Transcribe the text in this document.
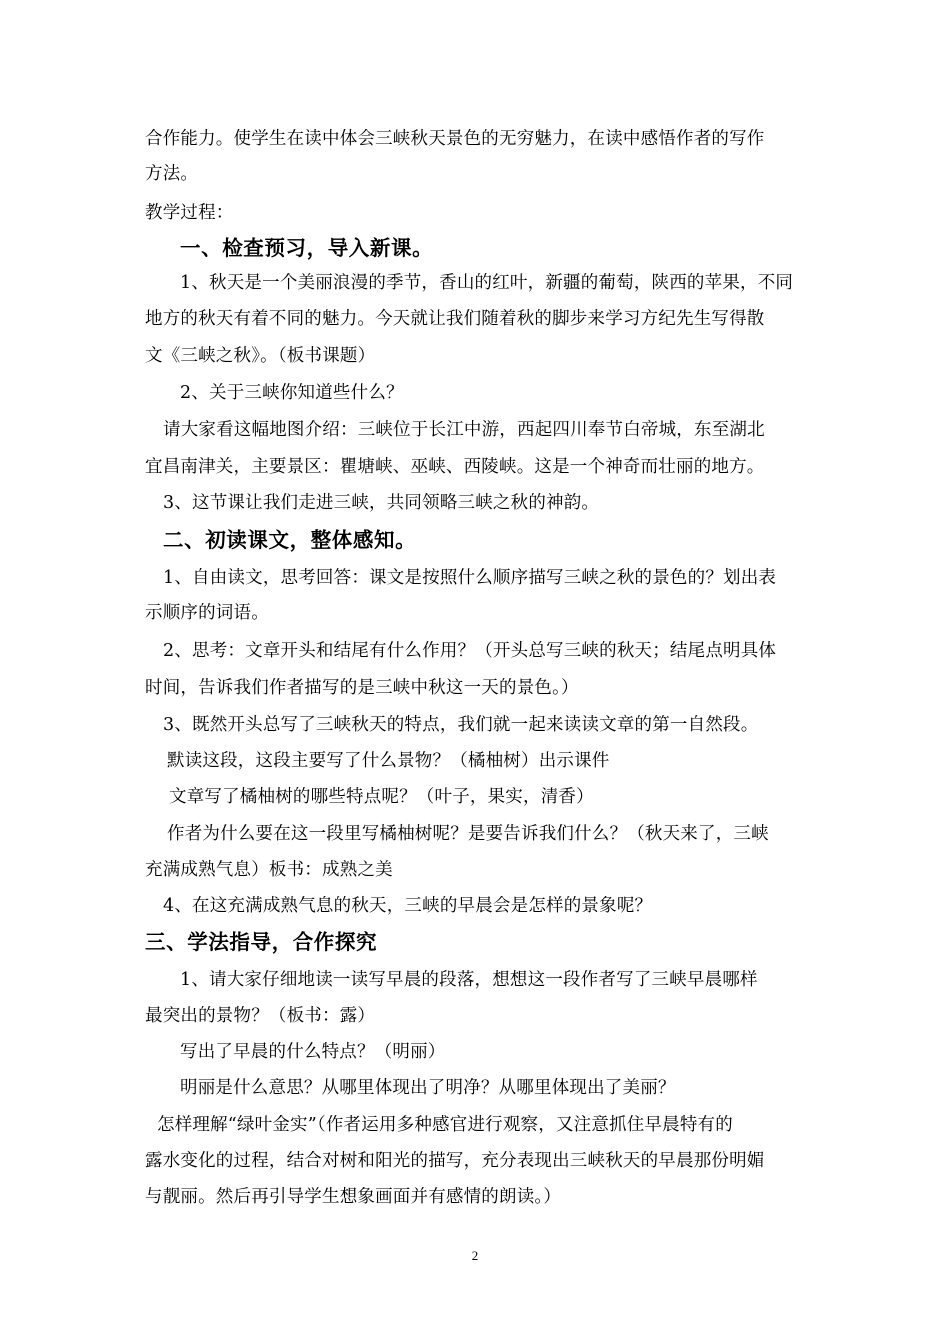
合作能力。使学生在读中体会三峡秋天景色的无穷魅力，在读中感悟作者的写作
方法。
教学过程：
一、检查预习，导入新课。
1、秋天是一个美丽浪漫的季节，香山的红叶，新疆的葡萄，陕西的苹果，不同
地方的秋天有着不同的魅力。今天就让我们随着秋的脚步来学习方纪先生写得散
文《三峡之秋》。（板书课题）
2、关于三峡你知道些什么？
请大家看这幅地图介绍：三峡位于长江中游，西起四川奉节白帝城，东至湖北
宜昌南津关，主要景区：瞿塘峡、巫峡、西陵峡。这是一个神奇而壮丽的地方。
3、这节课让我们走进三峡，共同领略三峡之秋的神韵。
二、初读课文，整体感知。
1、自由读文，思考回答：课文是按照什么顺序描写三峡之秋的景色的？划出表
示顺序的词语。
2、思考：文章开头和结尾有什么作用？（开头总写三峡的秋天；结尾点明具体
时间，告诉我们作者描写的是三峡中秋这一天的景色。）
3、既然开头总写了三峡秋天的特点，我们就一起来读读文章的第一自然段。
默读这段，这段主要写了什么景物？（橘柚树）出示课件
文章写了橘柚树的哪些特点呢？（叶子，果实，清香）
作者为什么要在这一段里写橘柚树呢？是要告诉我们什么？（秋天来了，三峡
充满成熟气息）板书：成熟之美
4、在这充满成熟气息的秋天，三峡的早晨会是怎样的景象呢？
三、学法指导，合作探究
1、请大家仔细地读一读写早晨的段落，想想这一段作者写了三峡早晨哪样
最突出的景物？（板书：露）
写出了早晨的什么特点？（明丽）
明丽是什么意思？从哪里体现出了明净？从哪里体现出了美丽？
怎样理解“绿叶金实”（作者运用多种感官进行观察，又注意抓住早晨特有的
露水变化的过程，结合对树和阳光的描写，充分表现出三峡秋天的早晨那份明媚
与靓丽。然后再引导学生想象画面并有感情的朗读。）
2
